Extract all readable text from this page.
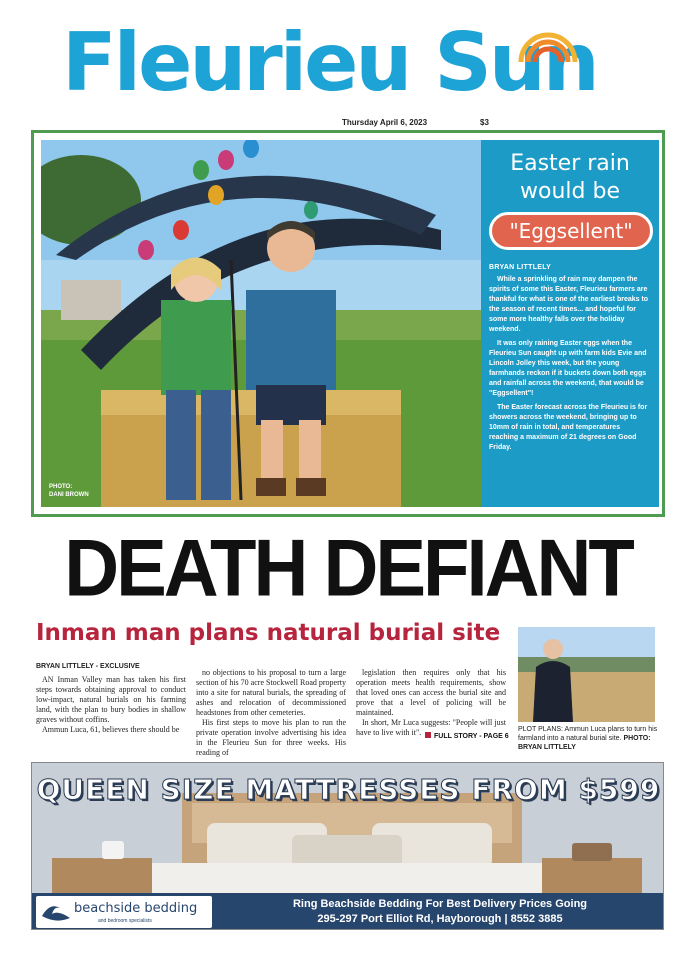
Fleurieu Sun
Thursday April 6, 2023	$3
PHOTO:
DANI BROWN
Easter rain
would be
"Eggsellent"
BRYAN LITTLELY

While a sprinkling of rain may dampen the spirits of some this Easter, Fleurieu farmers are thankful for what is one of the earliest breaks to the season of recent times... and hopeful for some more healthy falls over the holiday weekend.

It was only raining Easter eggs when the Fleurieu Sun caught up with farm kids Evie and Lincoln Jolley this week, but the young farmhands reckon if it buckets down both eggs and rainfall across the weekend, that would be "Eggsellent"!

The Easter forecast across the Fleurieu is for showers across the weekend, bringing up to 10mm of rain in total, and temperatures reaching a maximum of 21 degrees on Good Friday.

DEATH DEFIANT
Inman man plans natural burial site
BRYAN LITTLELY - EXCLUSIVE

AN Inman Valley man has taken his first steps towards obtaining approval to conduct low-impact, natural burials on his farming land, with the plan to bury bodies in shallow graves without coffins.

Ammun Luca, 61, believes there should be

no objections to his proposal to turn a large section of his 70 acre Stockwell Road property into a site for natural burials, the spreading of ashes and relocation of decommissioned headstones from other cemeteries.

His first steps to move his plan to run the private operation involve advertising his idea in the Fleurieu Sun for three weeks. His reading of

legislation then requires only that his operation meets health requirements, show that loved ones can access the burial site and prove that a level of policing will be maintained.

In short, Mr Luca suggests: "People will just have to live with it".	FULL STORY - PAGE 6
PLOT PLANS: Ammun Luca plans to turn his farmland into a natural burial site. PHOTO: BRYAN LITTLELY
QUEEN SIZE MATTRESSES FROM $599
beachside bedding
and bedroom specialists
Ring Beachside Bedding For Best Delivery Prices Going
295-297 Port Elliot Rd, Hayborough | 8552 3885
